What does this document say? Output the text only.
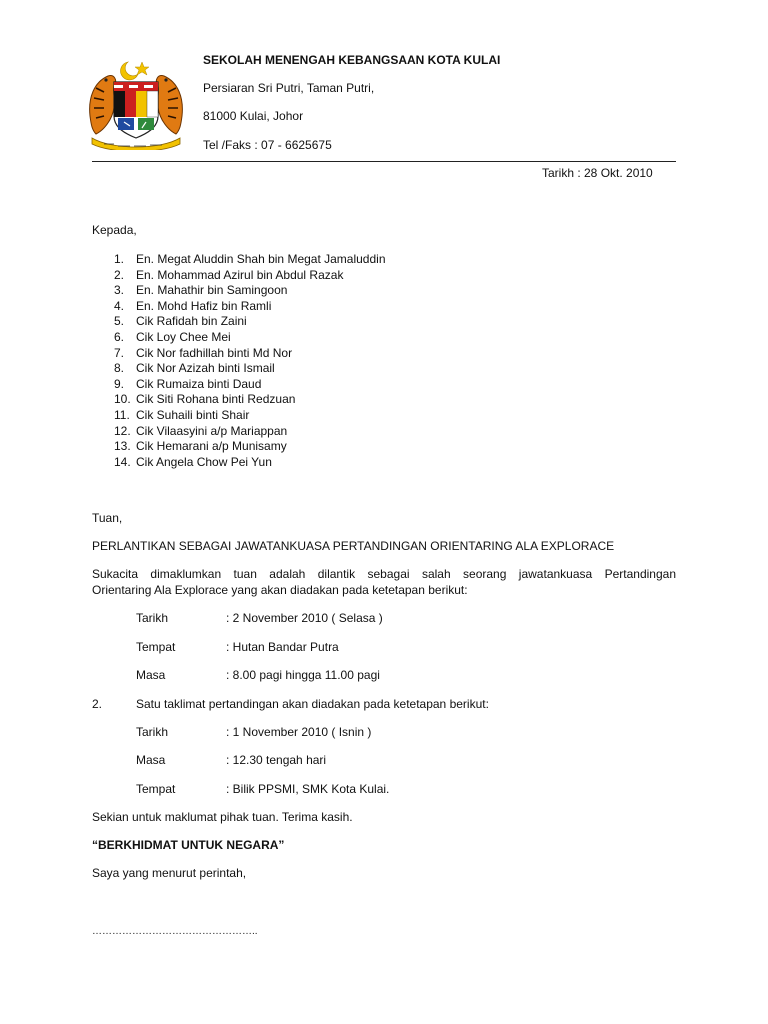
SEKOLAH MENENGAH KEBANGSAAN KOTA KULAI
Persiaran Sri Putri, Taman Putri,
81000 Kulai, Johor
Tel /Faks : 07 - 6625675
Tarikh : 28 Okt. 2010
Kepada,
1. En. Megat Aluddin Shah bin Megat Jamaluddin
2. En. Mohammad Azirul bin Abdul Razak
3. En. Mahathir bin Samingoon
4. En. Mohd Hafiz bin Ramli
5. Cik Rafidah bin Zaini
6. Cik Loy Chee Mei
7. Cik Nor fadhillah binti Md Nor
8. Cik Nor Azizah binti Ismail
9. Cik Rumaiza binti Daud
10. Cik Siti Rohana binti Redzuan
11. Cik Suhaili binti Shair
12. Cik Vilaasyini a/p Mariappan
13. Cik Hemarani a/p Munisamy
14. Cik Angela Chow Pei Yun
Tuan,
PERLANTIKAN SEBAGAI JAWATANKUASA PERTANDINGAN ORIENTARING ALA EXPLORACE
Sukacita dimaklumkan tuan adalah dilantik sebagai salah seorang jawatankuasa Pertandingan
Orientaring Ala Explorace yang akan diadakan pada ketetapan berikut:
Tarikh	: 2 November 2010 ( Selasa )
Tempat	: Hutan Bandar Putra
Masa	: 8.00 pagi hingga 11.00 pagi
2.	Satu taklimat pertandingan akan diadakan pada ketetapan berikut:
Tarikh	: 1 November 2010 ( Isnin )
Masa	: 12.30 tengah hari
Tempat	: Bilik PPSMI, SMK Kota Kulai.
Sekian untuk maklumat pihak tuan. Terima kasih.
“BERKHIDMAT UNTUK NEGARA”
Saya yang menurut perintah,
…………………………………………..
